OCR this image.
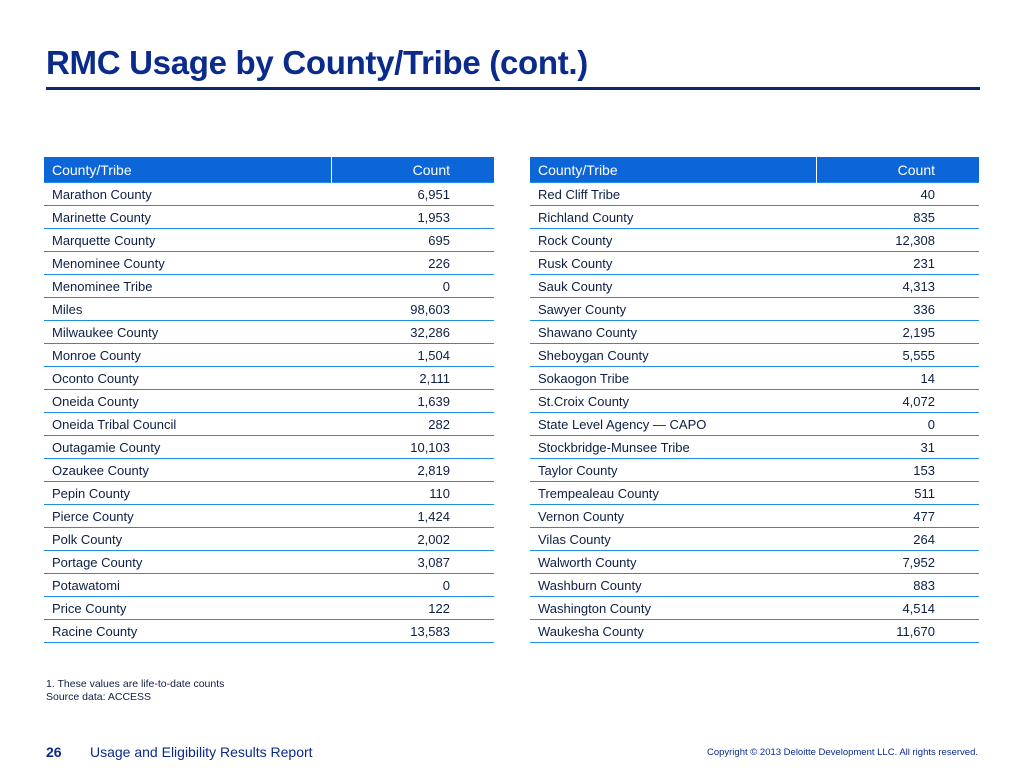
RMC Usage by County/Tribe (cont.)
County/Tribe	Count
Marathon County	6,951
Marinette County	1,953
Marquette County	695
Menominee County	226
Menominee Tribe	0
Miles	98,603
Milwaukee County	32,286
Monroe County	1,504
Oconto County	2,111
Oneida County	1,639
Oneida Tribal Council	282
Outagamie County	10,103
Ozaukee County	2,819
Pepin County	110
Pierce County	1,424
Polk County	2,002
Portage County	3,087
Potawatomi	0
Price County	122
Racine County	13,583
County/Tribe	Count
Red Cliff Tribe	40
Richland County	835
Rock County	12,308
Rusk County	231
Sauk County	4,313
Sawyer County	336
Shawano County	2,195
Sheboygan County	5,555
Sokaogon Tribe	14
St.Croix County	4,072
State Level Agency — CAPO	0
Stockbridge-Munsee Tribe	31
Taylor County	153
Trempealeau County	511
Vernon County	477
Vilas County	264
Walworth County	7,952
Washburn County	883
Washington County	4,514
Waukesha County	11,670
1. These values are life-to-date counts
Source data: ACCESS
26 Usage and Eligibility Results Report	Copyright © 2013 Deloitte Development LLC. All rights reserved.
